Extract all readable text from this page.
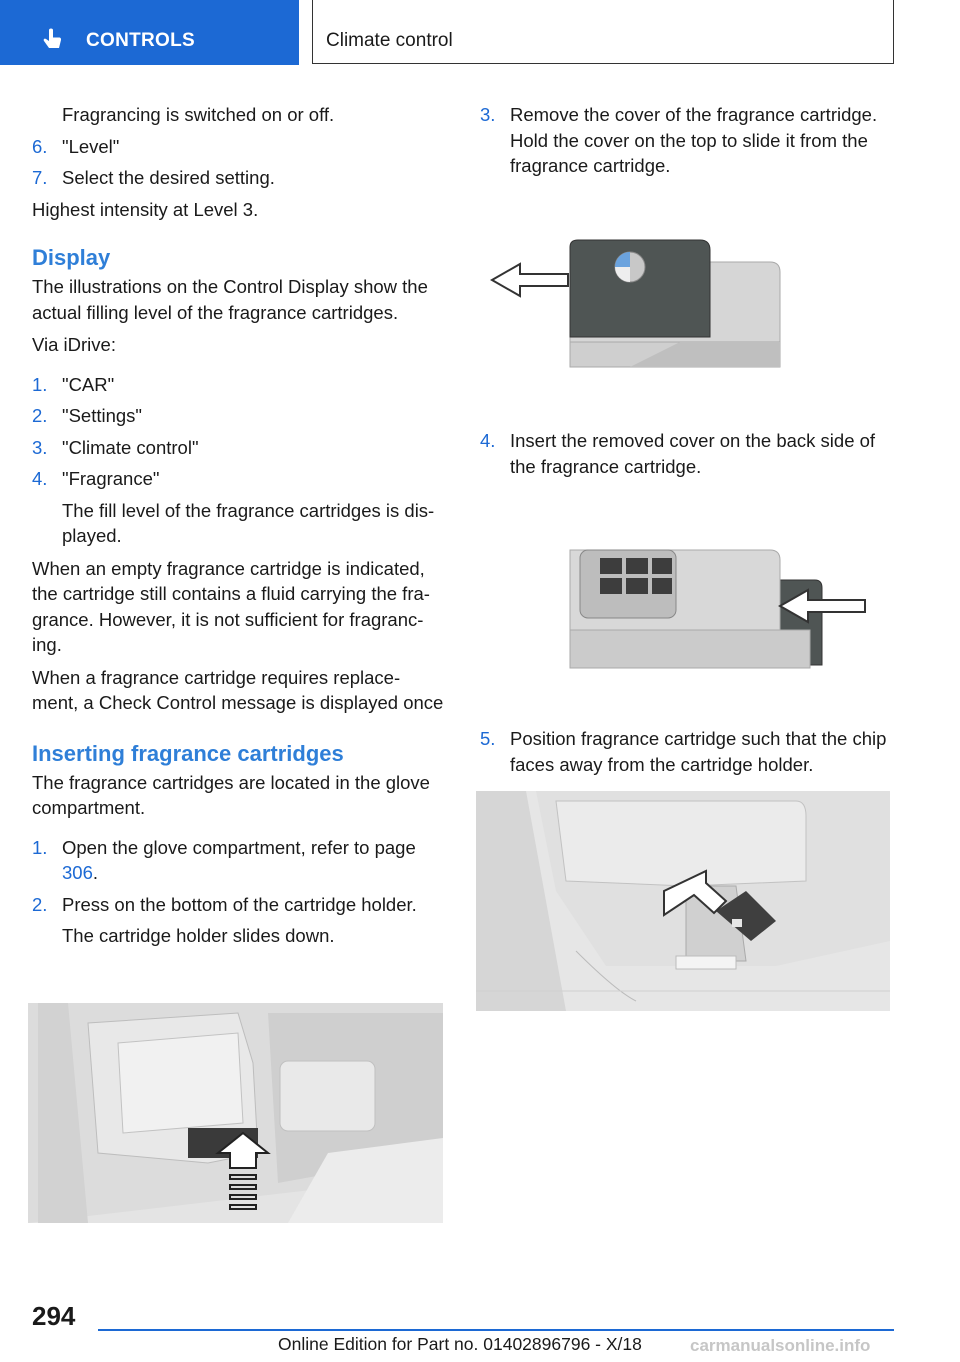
CONTROLS	Climate control

Fragrancing is switched on or off.

6. "Level"
7. Select the desired setting.

Highest intensity at Level 3.

Display

The illustrations on the Control Display show the actual filling level of the fragrance cartridges.

Via iDrive:

1. "CAR"
2. "Settings"
3. "Climate control"
4. "Fragrance"

The fill level of the fragrance cartridges is dis-played.

When an empty fragrance cartridge is indicated, the cartridge still contains a fluid carrying the fra-grance. However, it is not sufficient for fragranc-ing.

When a fragrance cartridge requires replace-ment, a Check Control message is displayed once

Inserting fragrance cartridges

The fragrance cartridges are located in the glove compartment.

1. Open the glove compartment, refer to page 306.
2. Press on the bottom of the cartridge holder.

The cartridge holder slides down.

3. Remove the cover of the fragrance cartridge. Hold the cover on the top to slide it from the fragrance cartridge.
4. Insert the removed cover on the back side of the fragrance cartridge.
5. Position fragrance cartridge such that the chip faces away from the cartridge holder.
294
Online Edition for Part no. 01402896796 - X/18	carmanualsonline.info
